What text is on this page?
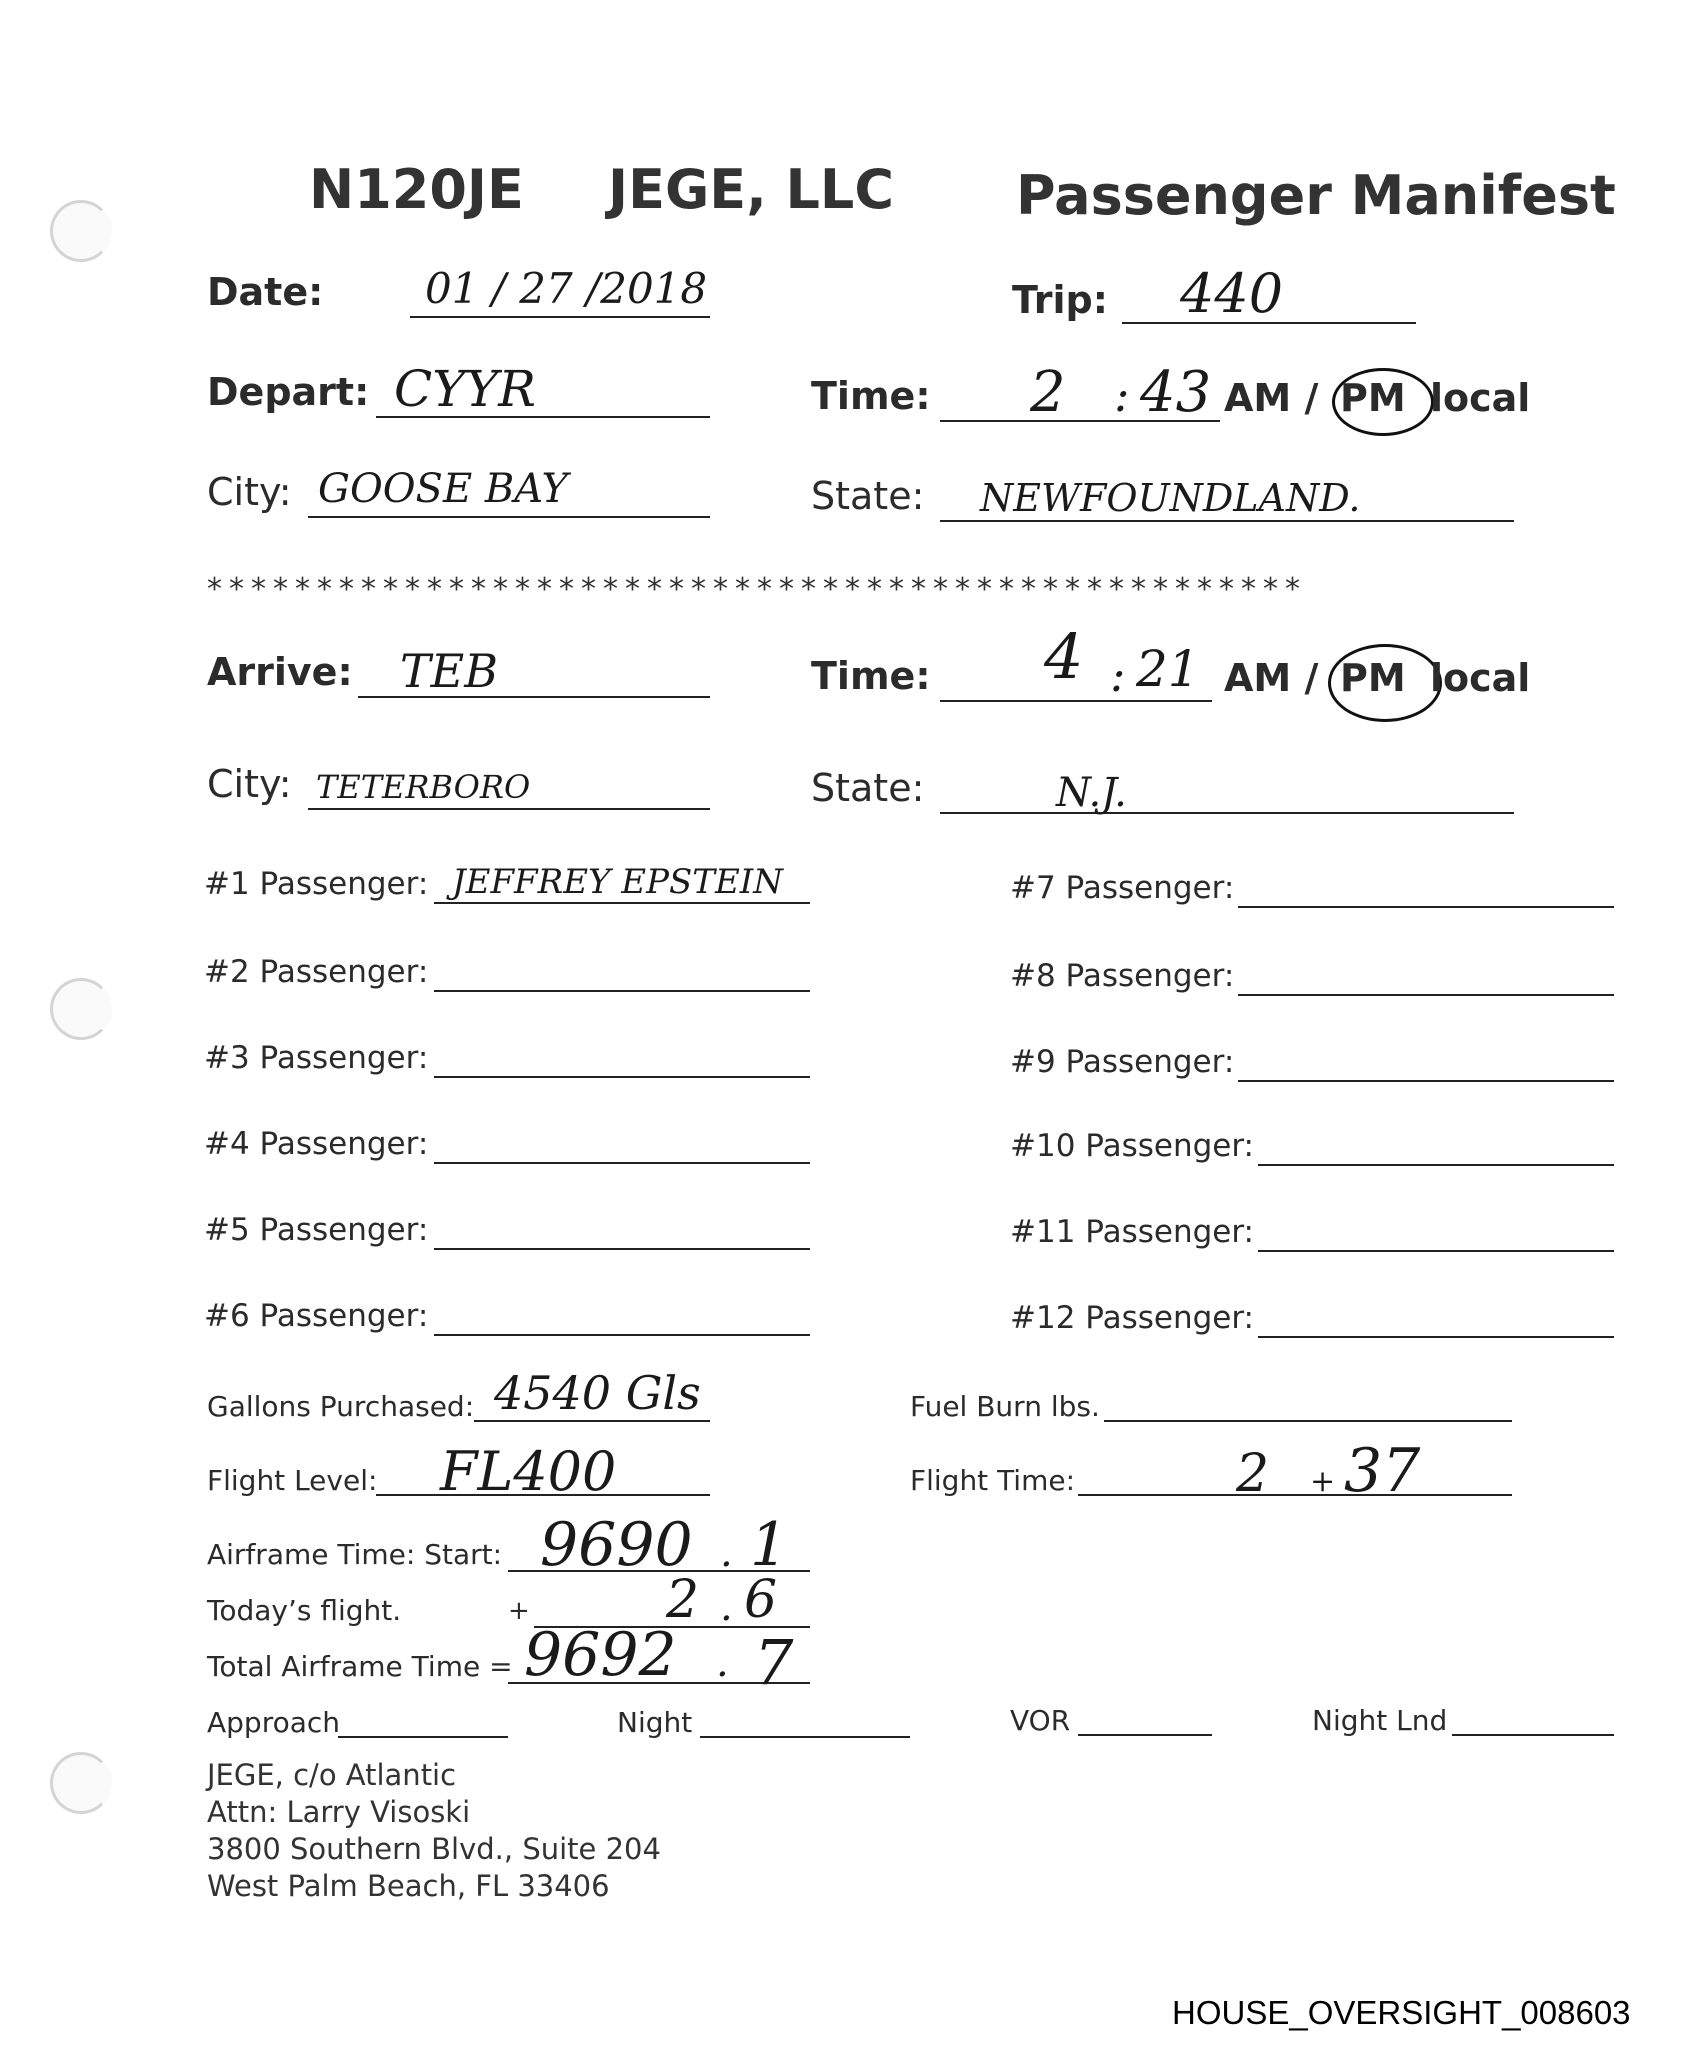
N120JE JEGE, LLC Passenger Manifest
Date: 01 / 27 /2018	Trip: 440
Depart: CYYR	Time: 2 : 43 AM / PM local
City: GOOSE BAY	State: NEWFOUNDLAND.
**************************************************
Arrive: TEB	Time: 4 : 21 AM / PM local
City: TETERBORO	State:	N.J.
#1 Passenger: JEFFREY EPSTEIN
#2 Passenger:
#3 Passenger:
#4 Passenger:
#5 Passenger:
#6 Passenger:
#7 Passenger:
#8 Passenger:
#9 Passenger:
#10 Passenger:
#11 Passenger:
#12 Passenger:
Gallons Purchased: 4540 Gls	Fuel Burn lbs.
Flight Level: FL400	Flight Time:	2 + 37
Airframe Time: Start: 9690 . 1
Today’s flight.	+	2 . 6
Total Airframe Time = 9692 . 7
Approach	Night	VOR	Night Lnd
JEGE, c/o Atlantic
Attn: Larry Visoski
3800 Southern Blvd., Suite 204
West Palm Beach, FL 33406
HOUSE_OVERSIGHT_008603
